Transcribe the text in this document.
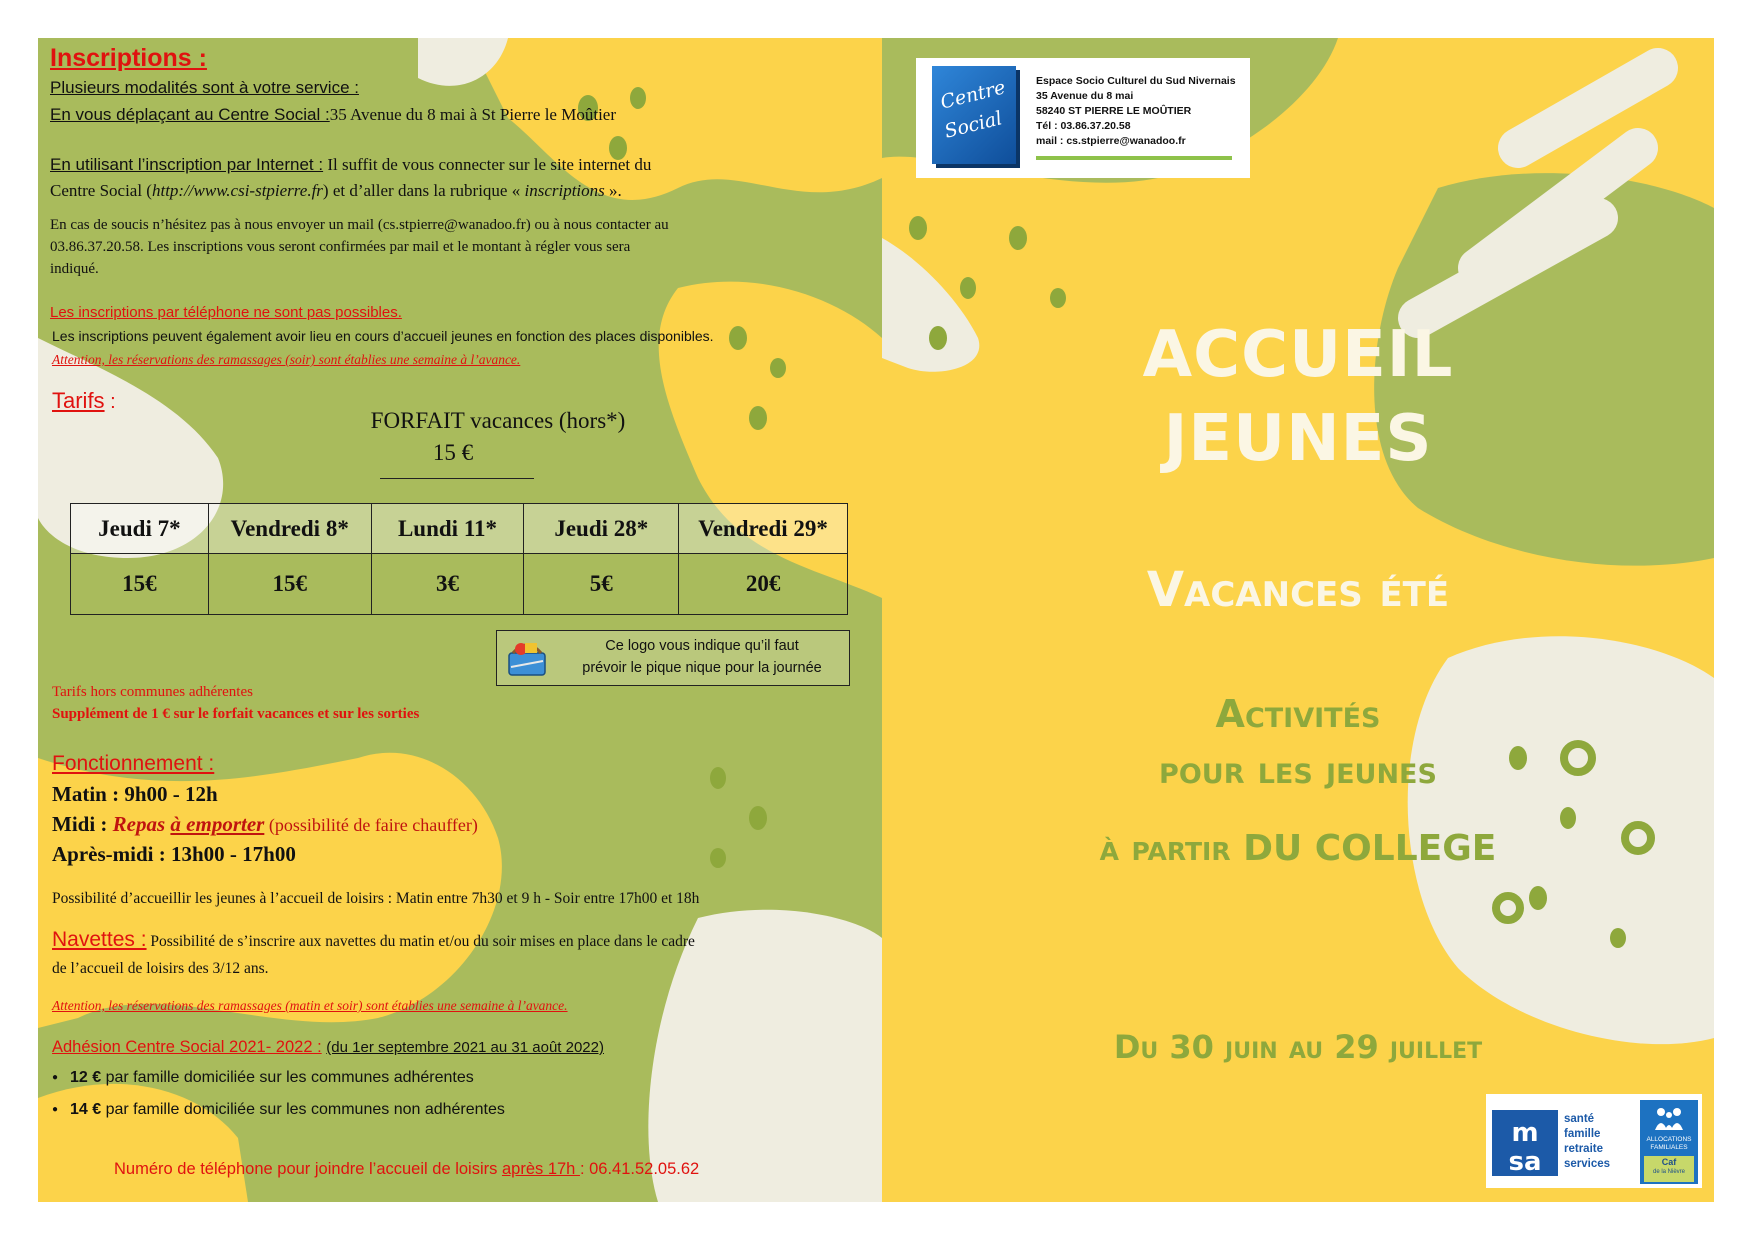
Inscriptions :
Plusieurs modalités sont à votre service :
En vous déplaçant au Centre Social :35 Avenue du 8 mai à St Pierre le Moûtier
En utilisant l’inscription par Internet : Il suffit de vous connecter sur le site internet du
Centre Social (http://www.csi-stpierre.fr) et d’aller dans la rubrique « inscriptions ».
En cas de soucis n’hésitez pas à nous envoyer un mail (cs.stpierre@wanadoo.fr) ou à nous contacter au
03.86.37.20.58. Les inscriptions vous seront confirmées par mail et le montant à régler vous sera
indiqué.
Les inscriptions par téléphone ne sont pas possibles.
Les inscriptions peuvent également avoir lieu en cours d’accueil jeunes en fonction des places disponibles.
Attention, les réservations des ramassages (soir) sont établies une semaine à l’avance.
Tarifs :
FORFAIT vacances (hors*)
15 €
Jeudi 7*	Vendredi 8*	Lundi 11*	Jeudi 28*	Vendredi 29*
15€	15€	3€	5€	20€
Ce logo vous indique qu’il faut
prévoir le pique nique pour la journée
Tarifs hors communes adhérentes
Supplément de 1 € sur le forfait vacances et sur les sorties
Fonctionnement :
Matin : 9h00 - 12h
Midi : Repas à emporter (possibilité de faire chauffer)
Après-midi : 13h00 - 17h00
Possibilité d’accueillir les jeunes à l’accueil de loisirs : Matin entre 7h30 et 9 h - Soir entre 17h00 et 18h
Navettes : Possibilité de s’inscrire aux navettes du matin et/ou du soir mises en place dans le cadre
de l’accueil de loisirs des 3/12 ans.
Attention, les réservations des ramassages (matin et soir) sont établies une semaine à l’avance.
Adhésion Centre Social 2021- 2022 : (du 1er septembre 2021 au 31 août 2022)
● 12 € par famille domiciliée sur les communes adhérentes
● 14 € par famille domiciliée sur les communes non adhérentes
Numéro de téléphone pour joindre l’accueil de loisirs après 17h : 06.41.52.05.62
Centre
Social
Espace Socio Culturel du Sud Nivernais
35 Avenue du 8 mai
58240 ST PIERRE LE MOÛTIER
Tél : 03.86.37.20.58
mail : cs.stpierre@wanadoo.fr
ACCUEIL
JEUNES
Vacances été
Activités
pour les jeunes
à partir DU COLLEGE
Du 30 juin au 29 juillet
m
sa
santé
famille
retraite
services
ALLOCATIONS
FAMILIALES
Caf
de la Nièvre
